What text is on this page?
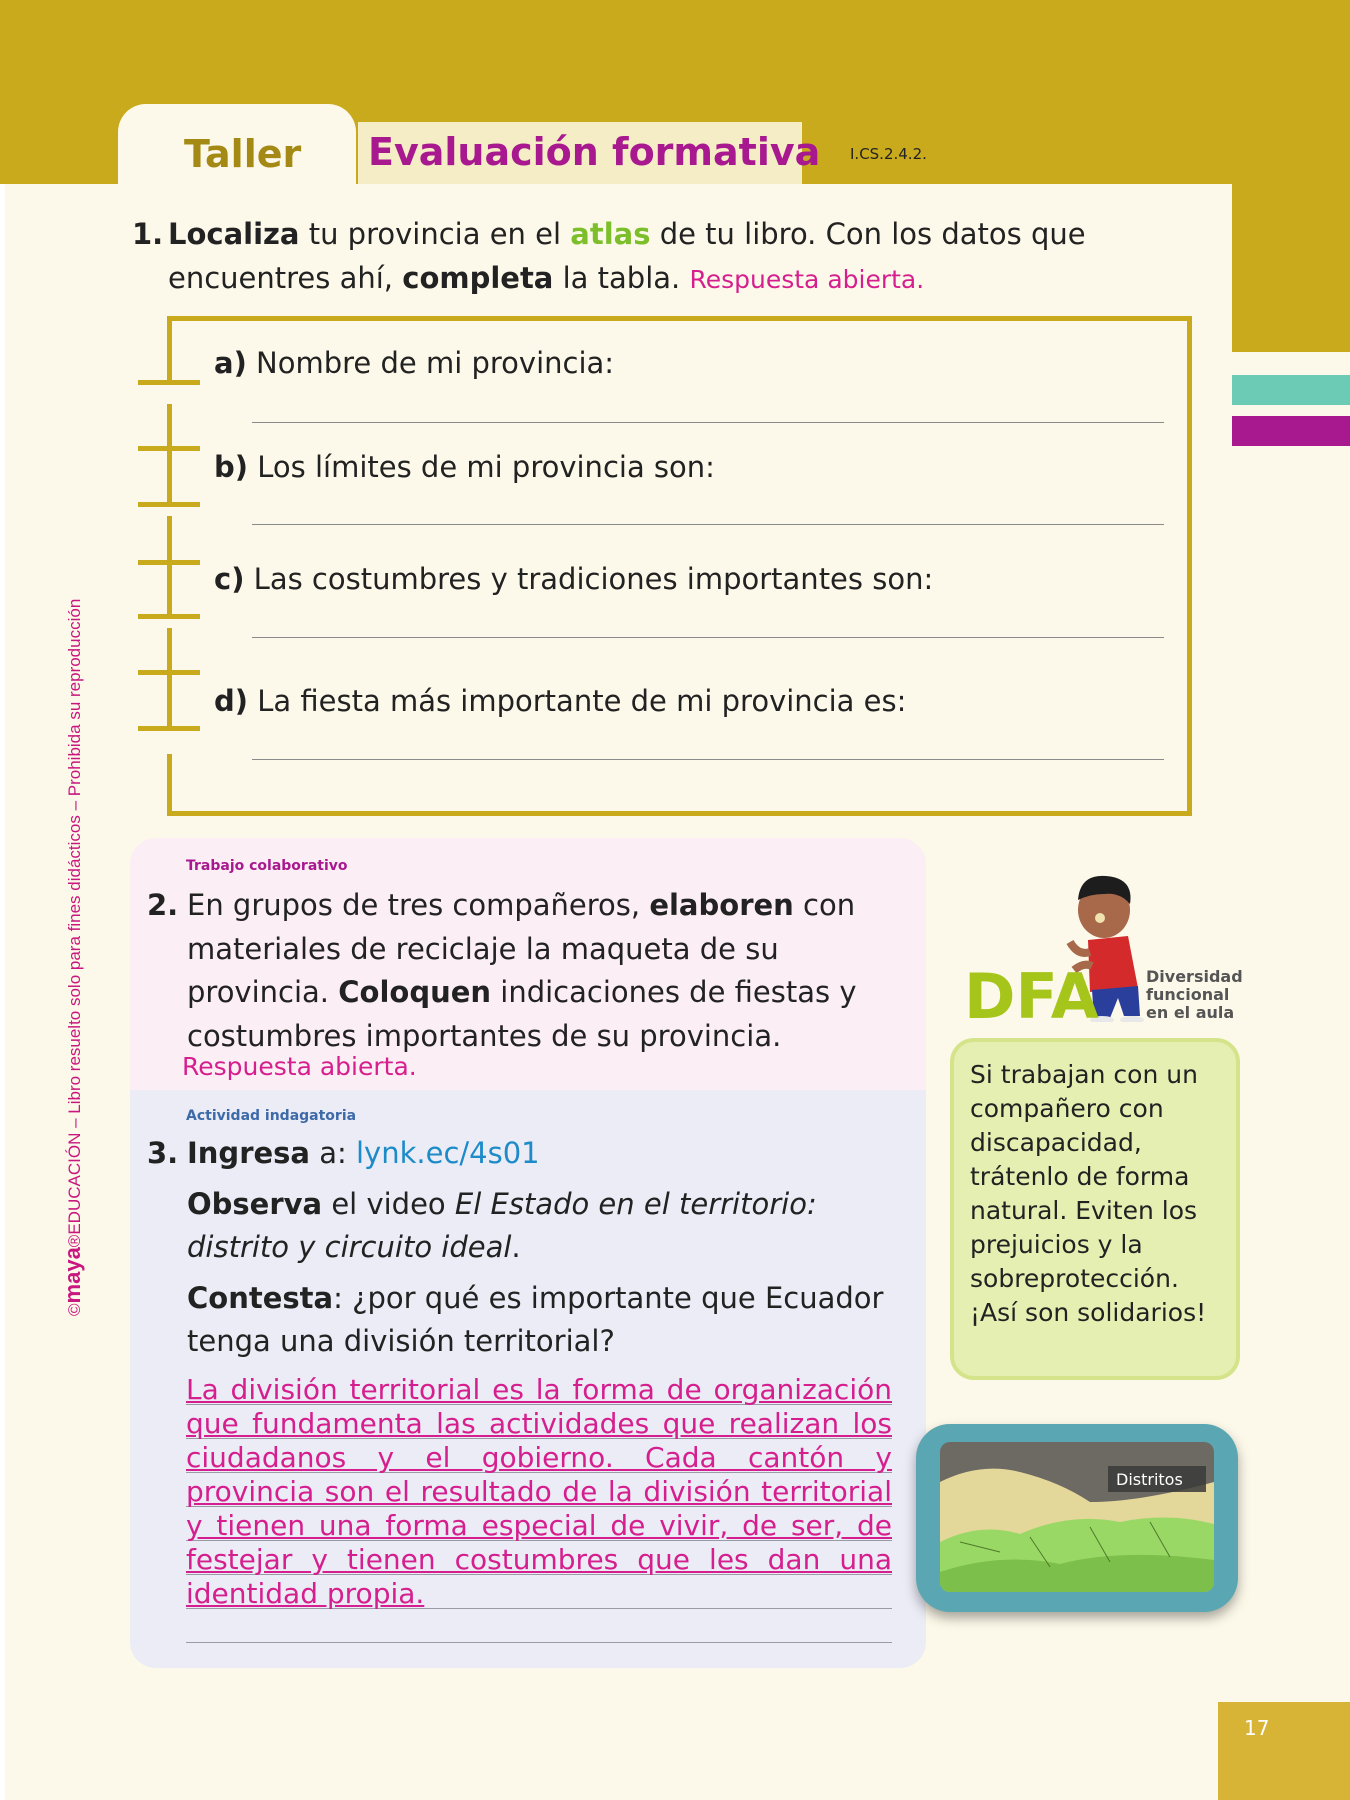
Taller Evaluación formativa I.CS.2.4.2.
©maya®EDUCACIÓN – Libro resuelto solo para fines didácticos – Prohibida su reproducción
1. Localiza tu provincia en el atlas de tu libro. Con los datos que encuentres ahí, completa la tabla. Respuesta abierta.
a) Nombre de mi provincia:
b) Los límites de mi provincia son:
c) Las costumbres y tradiciones importantes son:
d) La fiesta más importante de mi provincia es:
Trabajo colaborativo
2. En grupos de tres compañeros, elaboren con materiales de reciclaje la maqueta de su provincia. Coloquen indicaciones de fiestas y costumbres importantes de su provincia.
Respuesta abierta.
Actividad indagatoria
3. Ingresa a: lynk.ec/4s01

Observa el video El Estado en el territorio: distrito y circuito ideal.

Contesta: ¿por qué es importante que Ecuador tenga una división territorial?

La división territorial es la forma de organización que fundamenta las actividades que realizan los ciudadanos y el gobierno. Cada cantón y provincia son el resultado de la división territorial y tienen una forma especial de vivir, de ser, de festejar y tienen costumbres que les dan una identidad propia.
DFA	Diversidad
funcional
en el aula
Si trabajan con un compañero con discapacidad, trátenlo de forma natural. Eviten los prejuicios y la sobreprotección. ¡Así son solidarios!
Distritos
17
